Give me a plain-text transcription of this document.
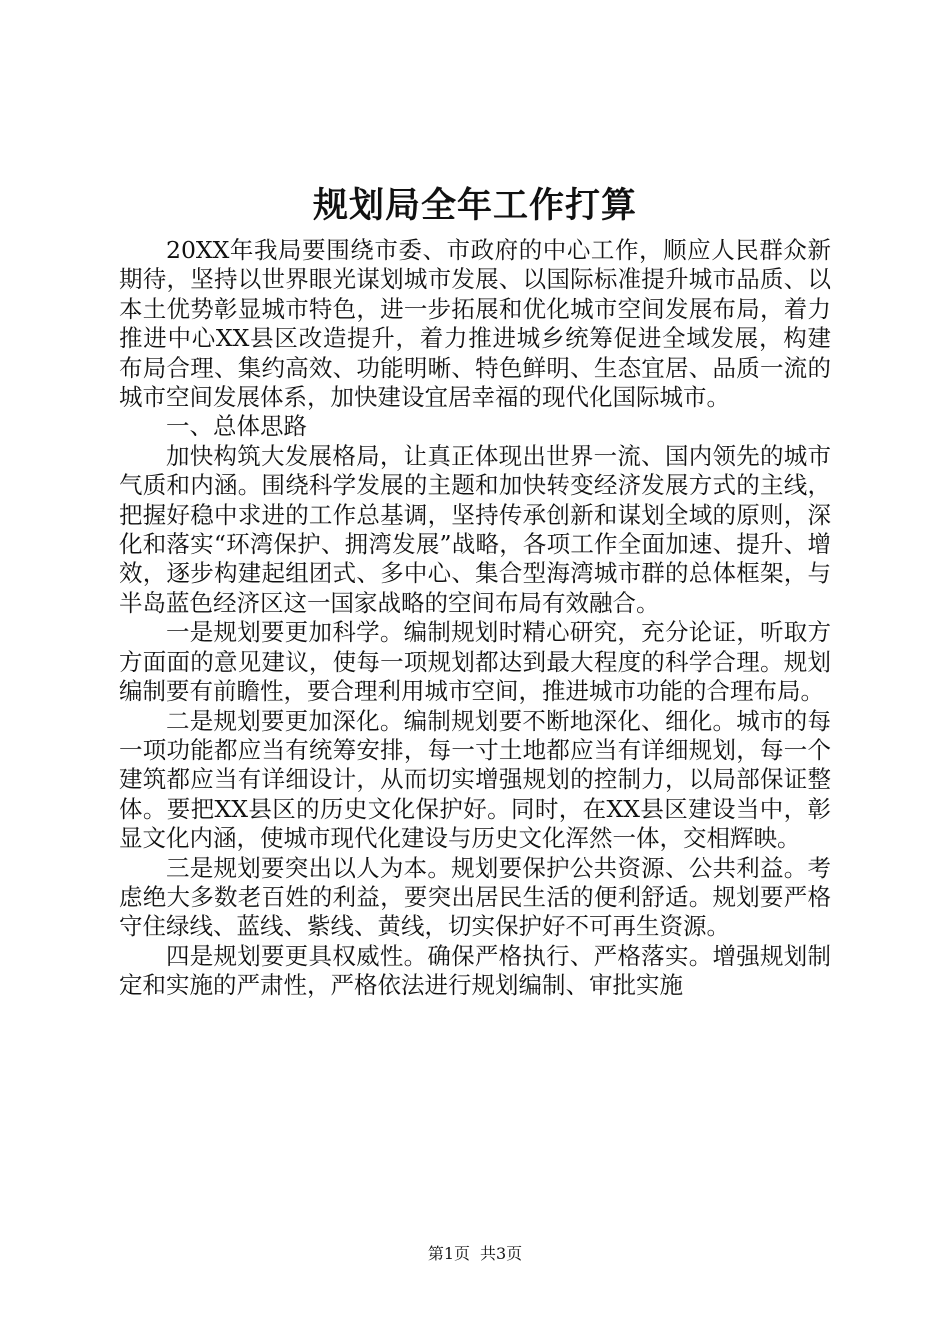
规划局全年工作打算

20XX年我局要围绕市委、市政府的中心工作，顺应人民群众新期待，坚持以世界眼光谋划城市发展、以国际标准提升城市品质、以本土优势彰显城市特色，进一步拓展和优化城市空间发展布局，着力推进中心XX县区改造提升，着力推进城乡统筹促进全域发展，构建布局合理、集约高效、功能明晰、特色鲜明、生态宜居、品质一流的城市空间发展体系，加快建设宜居幸福的现代化国际城市。

一、总体思路

加快构筑大发展格局，让真正体现出世界一流、国内领先的城市气质和内涵。围绕科学发展的主题和加快转变经济发展方式的主线，把握好稳中求进的工作总基调，坚持传承创新和谋划全域的原则，深化和落实“环湾保护、拥湾发展”战略，各项工作全面加速、提升、增效，逐步构建起组团式、多中心、集合型海湾城市群的总体框架，与半岛蓝色经济区这一国家战略的空间布局有效融合。

一是规划要更加科学。编制规划时精心研究，充分论证，听取方方面面的意见建议，使每一项规划都达到最大程度的科学合理。规划编制要有前瞻性，要合理利用城市空间，推进城市功能的合理布局。

二是规划要更加深化。编制规划要不断地深化、细化。城市的每一项功能都应当有统筹安排，每一寸土地都应当有详细规划，每一个建筑都应当有详细设计，从而切实增强规划的控制力，以局部保证整体。要把XX县区的历史文化保护好。同时，在XX县区建设当中，彰显文化内涵，使城市现代化建设与历史文化浑然一体，交相辉映。

三是规划要突出以人为本。规划要保护公共资源、公共利益。考虑绝大多数老百姓的利益，要突出居民生活的便利舒适。规划要严格守住绿线、蓝线、紫线、黄线，切实保护好不可再生资源。

四是规划要更具权威性。确保严格执行、严格落实。增强规划制定和实施的严肃性，严格依法进行规划编制、审批实施

第1页 共3页
